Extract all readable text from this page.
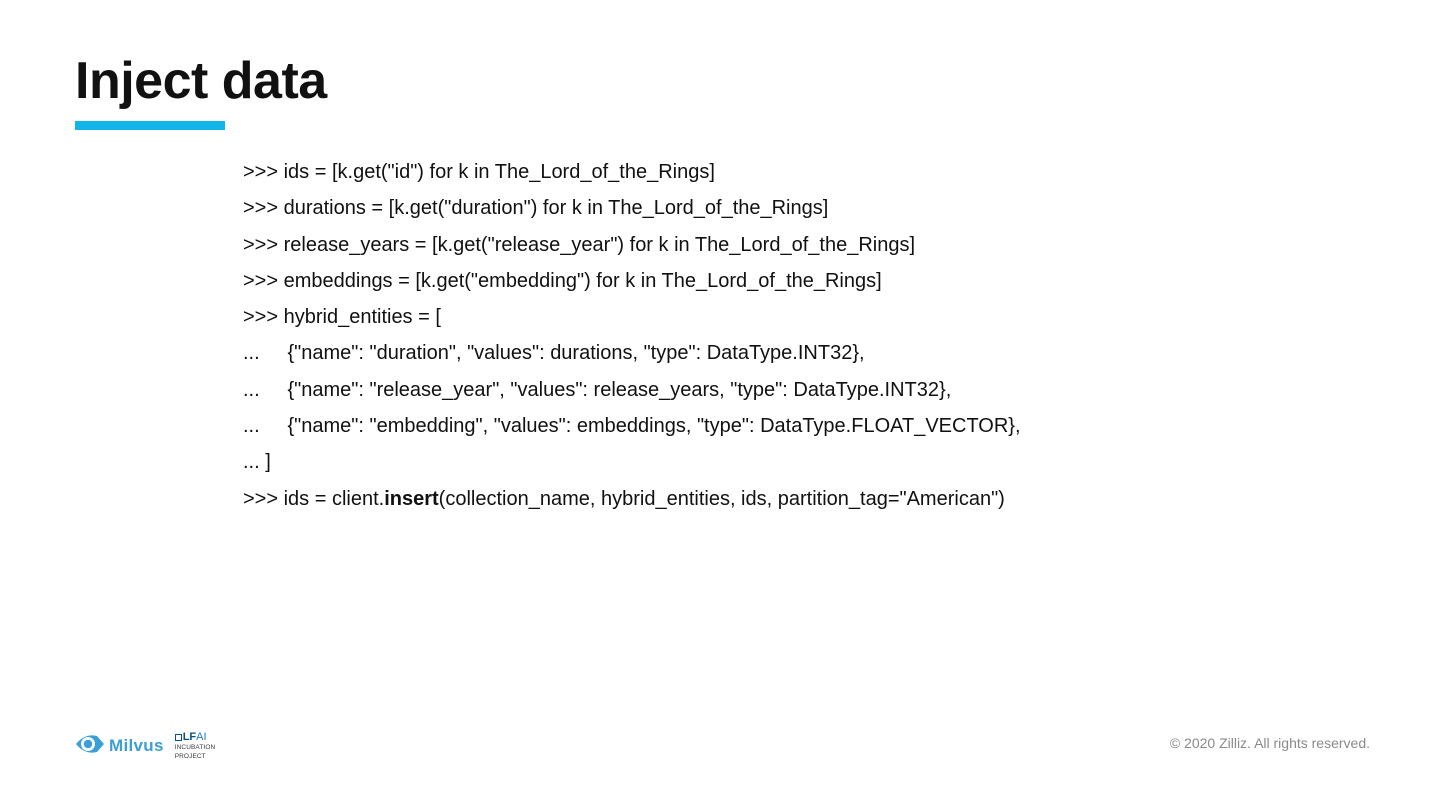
Inject data
>>> ids = [k.get("id") for k in The_Lord_of_the_Rings]
>>> durations = [k.get("duration") for k in The_Lord_of_the_Rings]
>>> release_years = [k.get("release_year") for k in The_Lord_of_the_Rings]
>>> embeddings = [k.get("embedding") for k in The_Lord_of_the_Rings]
>>> hybrid_entities = [
...     {"name": "duration", "values": durations, "type": DataType.INT32},
...     {"name": "release_year", "values": release_years, "type": DataType.INT32},
...     {"name": "embedding", "values": embeddings, "type": DataType.FLOAT_VECTOR},
... ]
>>> ids = client.insert(collection_name, hybrid_entities, ids, partition_tag="American")
Milvus LF AI
INCUBATION
PROJECT
© 2020 Zilliz. All rights reserved.
